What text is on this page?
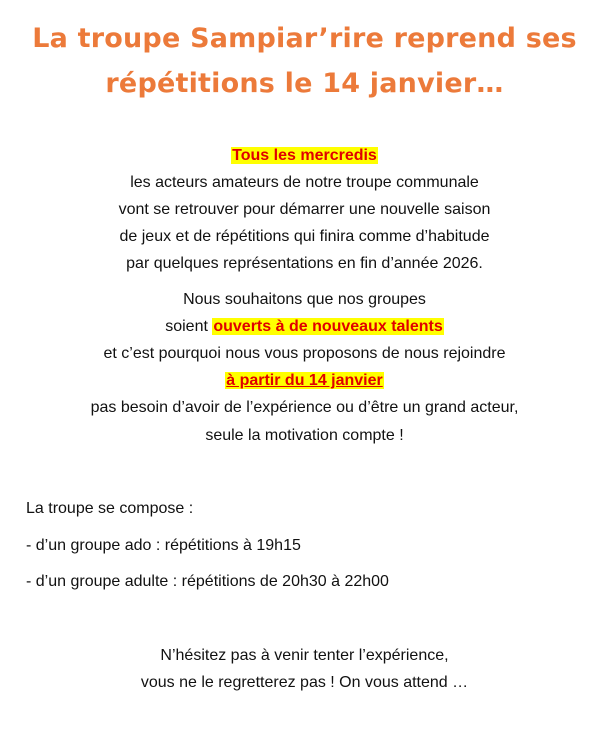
La troupe Sampiar’rire reprend ses
répétitions le 14 janvier…
Tous les mercredis
les acteurs amateurs de notre troupe communale
vont se retrouver pour démarrer une nouvelle saison
de jeux et de répétitions qui finira comme d’habitude
par quelques représentations en fin d’année 2026.
Nous souhaitons que nos groupes
soient ouverts à de nouveaux talents
et c’est pourquoi nous vous proposons de nous rejoindre
à partir du 14 janvier
pas besoin d’avoir de l’expérience ou d’être un grand acteur,
seule la motivation compte !
La troupe se compose :
- d’un groupe ado : répétitions à 19h15
- d’un groupe adulte : répétitions de 20h30 à 22h00
N’hésitez pas à venir tenter l’expérience,
vous ne le regretterez pas ! On vous attend …
